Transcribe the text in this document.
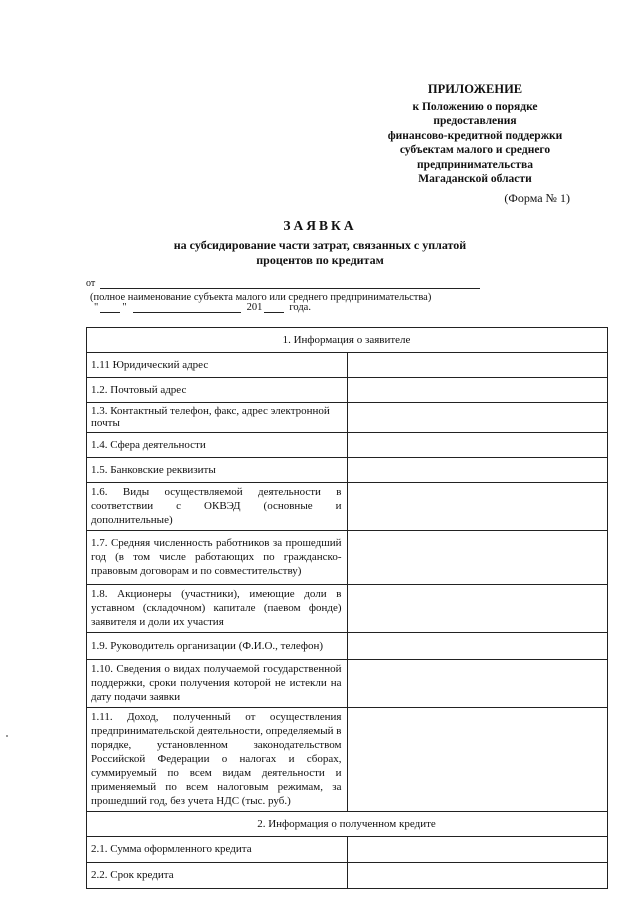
ПРИЛОЖЕНИЕ
к Положению о порядке
предоставления
финансово-кредитной поддержки
субъектам малого и среднего
предпринимательства
Магаданской области
(Форма № 1)
ЗАЯВКА
на субсидирование части затрат, связанных с уплатой
процентов по кредитам
от
(полное наименование субъекта малого или среднего предпринимательства)
" "	201	года.
1. Информация о заявителе	
1.11 Юридический адрес	
1.2. Почтовый адрес	
1.3. Контактный телефон, факс, адрес электронной почты	
1.4. Сфера деятельности	
1.5. Банковские реквизиты	
1.6. Виды осуществляемой деятельности в соответствии с ОКВЭД (основные и дополнительные)	
1.7. Средняя численность работников за прошедший год (в том числе работающих по гражданско-правовым договорам и по совместительству)	
1.8. Акционеры (участники), имеющие доли в уставном (складочном) капитале (паевом фонде) заявителя и доли их участия	
1.9. Руководитель организации (Ф.И.О., телефон)	
1.10. Сведения о видах получаемой государственной поддержки, сроки получения которой не истекли на дату подачи заявки	
1.11. Доход, полученный от осуществления предпринимательской деятельности, определяемый в порядке, установленном законодательством Российской Федерации о налогах и сборах, суммируемый по всем видам деятельности и применяемый по всем налоговым режимам, за прошедший год, без учета НДС (тыс. руб.)	
2. Информация о полученном кредите	
2.1. Сумма оформленного кредита	
2.2. Срок кредита	
